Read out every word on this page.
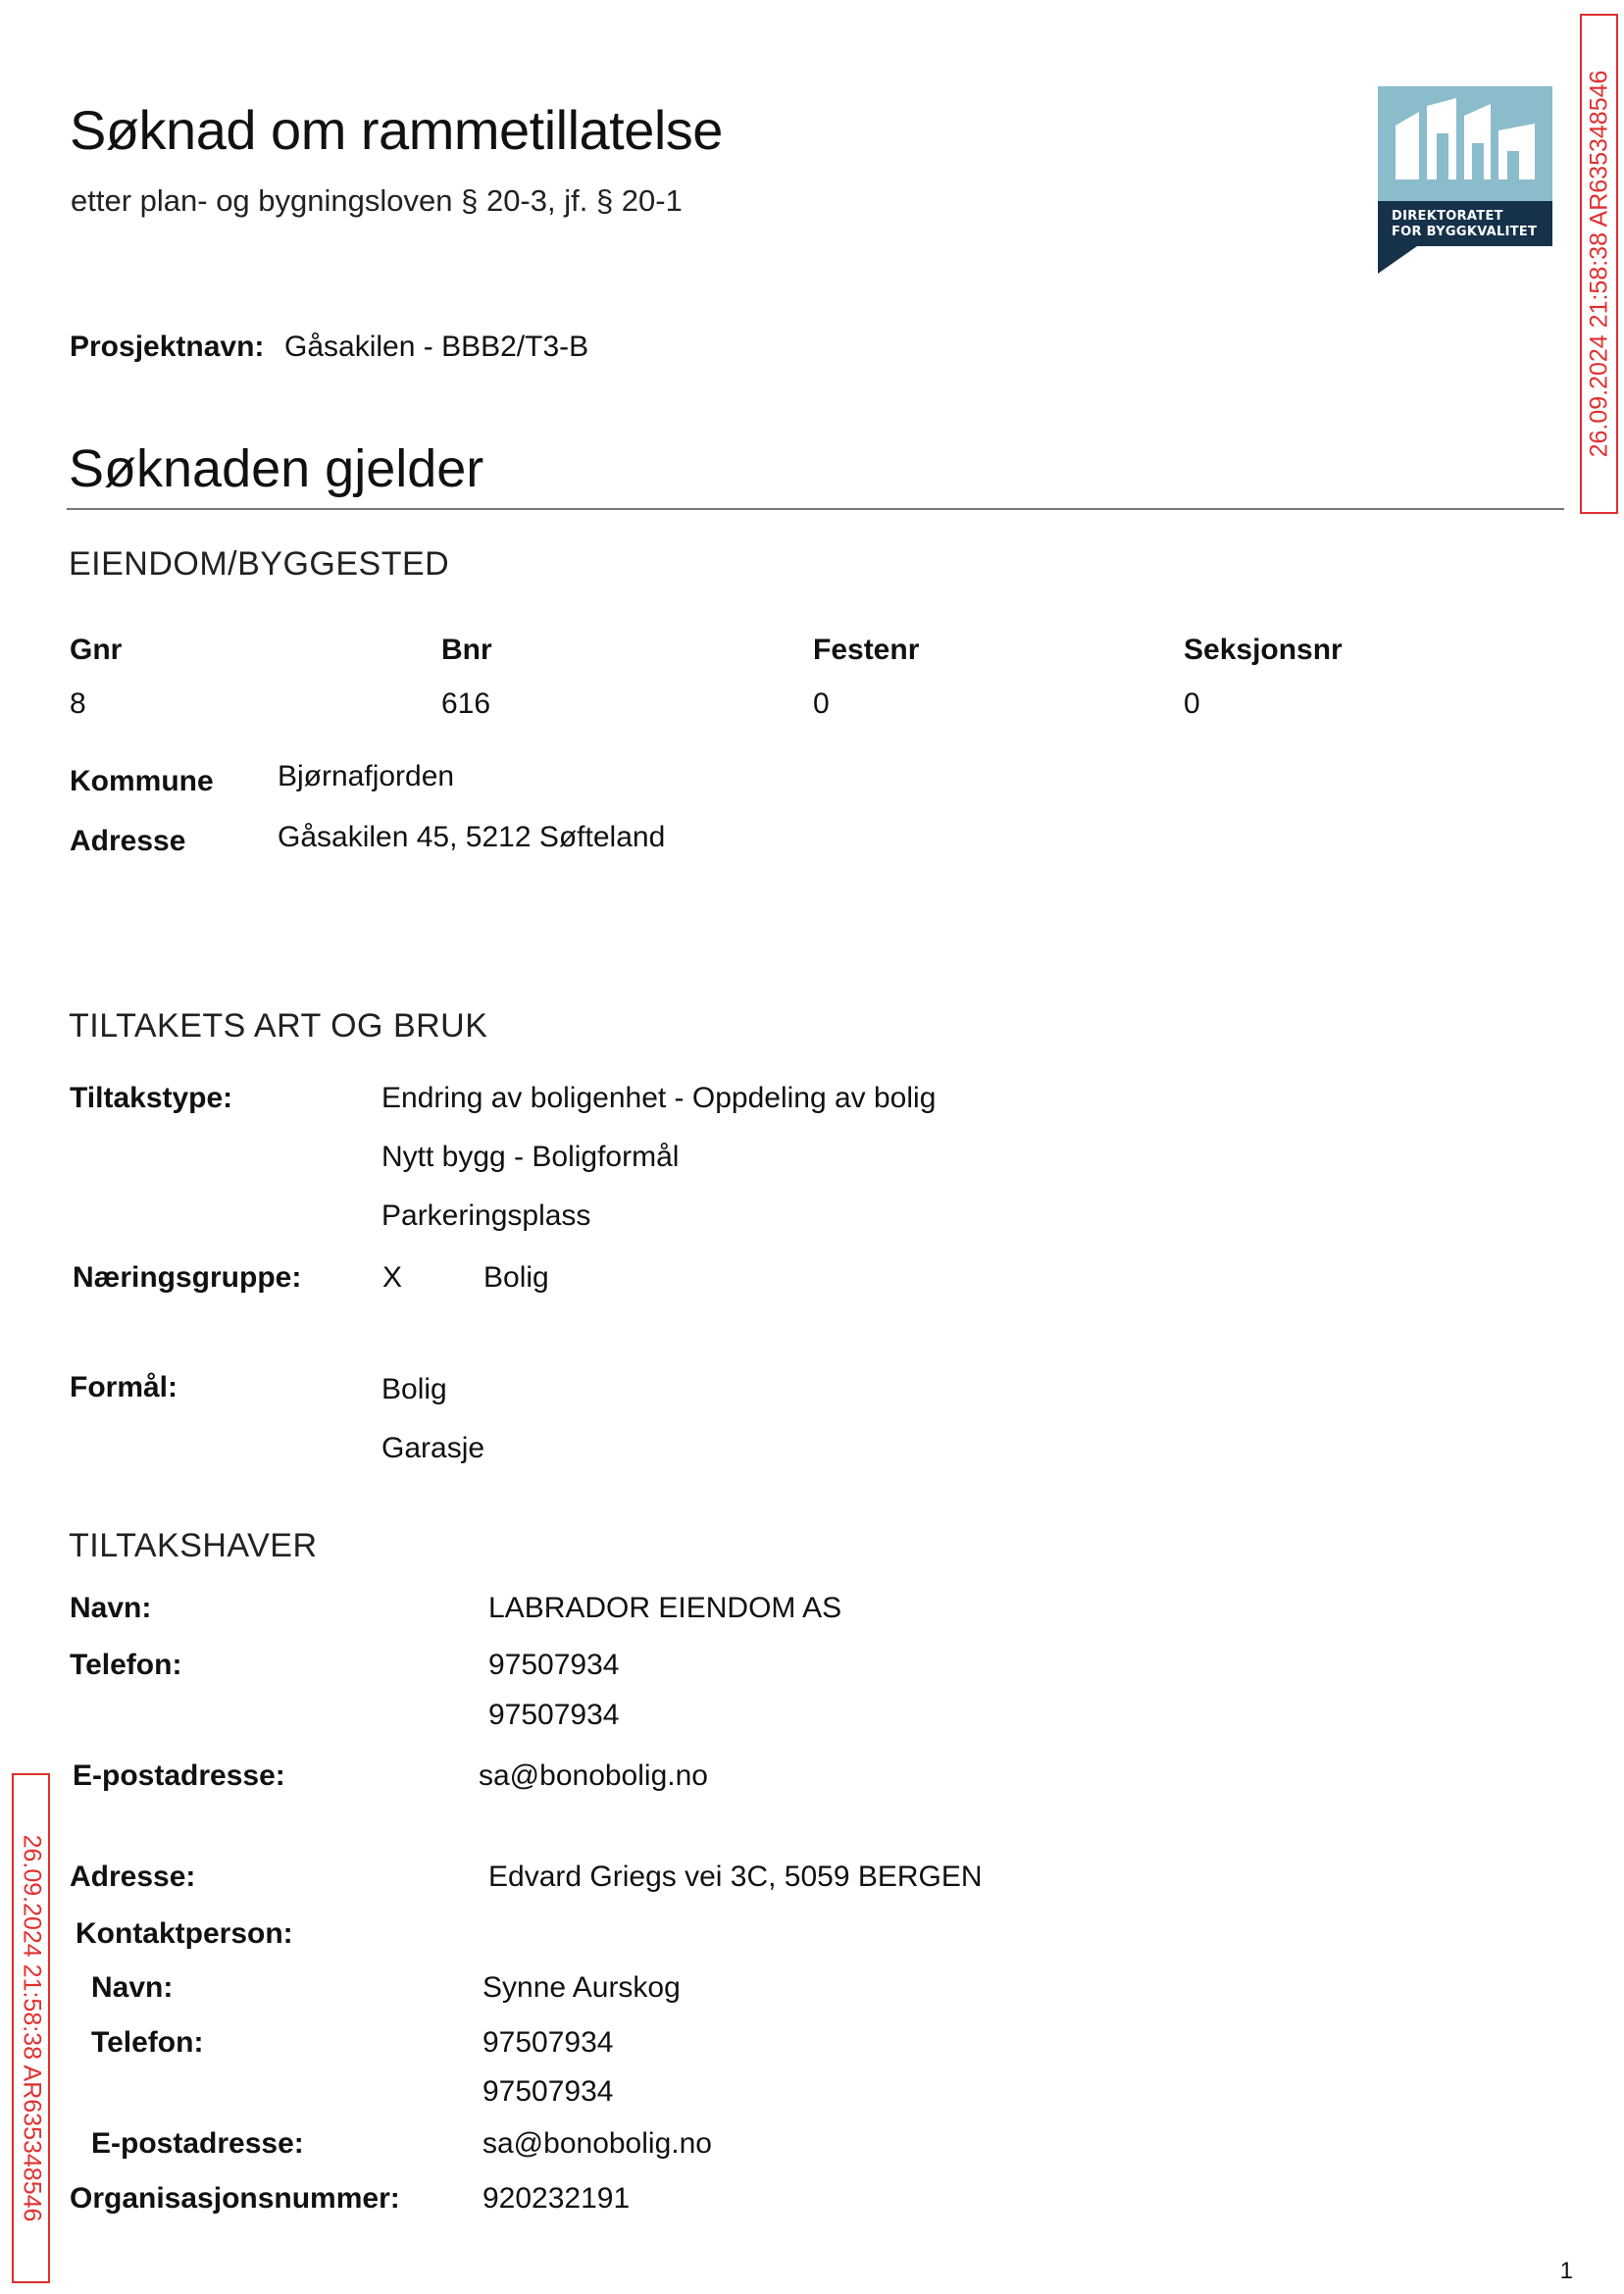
Søknad om rammetillatelse
etter plan- og bygningsloven § 20-3, jf. § 20-1	DIREKTORATET
FOR BYGGKVALITET 26.09.2024 21:58:38 AR635348546
26.09.2024 21:58:38 AR635348546
Prosjektnavn: Gåsakilen - BBB2/T3-B
Søknaden gjelder
EIENDOM/BYGGESTED
Gnr	Bnr	Festenr	Seksjonsnr
8	616	0	0
Kommune Bjørnafjorden
Adresse	Gåsakilen 45, 5212 Søfteland
TILTAKETS ART OG BRUK
Tiltakstype:	Endring av boligenhet - Oppdeling av bolig
Nytt bygg - Boligformål
Parkeringsplass
Næringsgruppe:	X	Bolig
Formål:	Bolig
Garasje
TILTAKSHAVER
Navn:	LABRADOR EIENDOM AS
Telefon:	97507934
97507934
E-postadresse:	sa@bonobolig.no
Adresse:	Edvard Griegs vei 3C, 5059 BERGEN
Kontaktperson:
Navn:	Synne Aurskog
Telefon:	97507934
97507934
E-postadresse:	sa@bonobolig.no
Organisasjonsnummer:	920232191
1
